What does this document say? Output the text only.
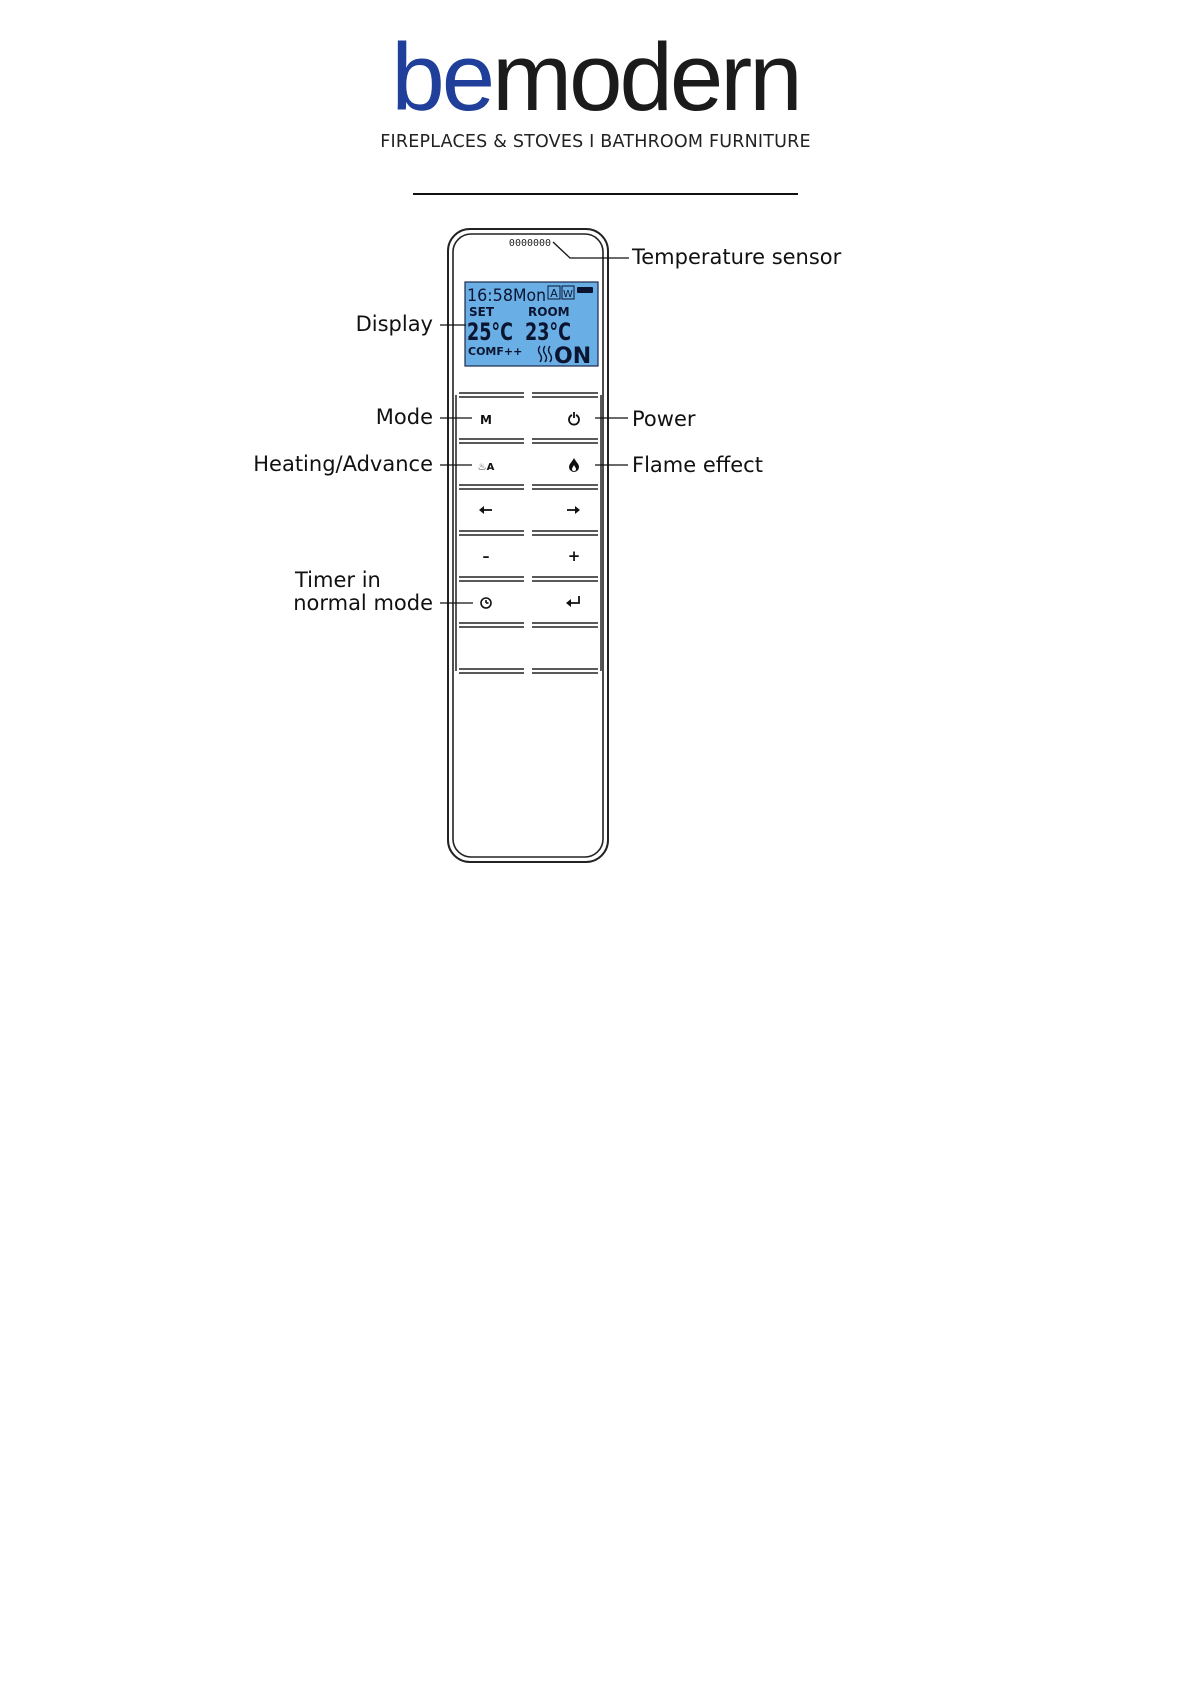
bemodern
FIREPLACES & STOVES I BATHROOM FURNITURE
0000000
16:58 Mon A W
SET	ROOM
25°C 23°C
COMF++ ON
M
♨A
–	+
Temperature sensor
Display
Mode	Power
Heating/Advance	Flame effect
Timer in
normal mode
